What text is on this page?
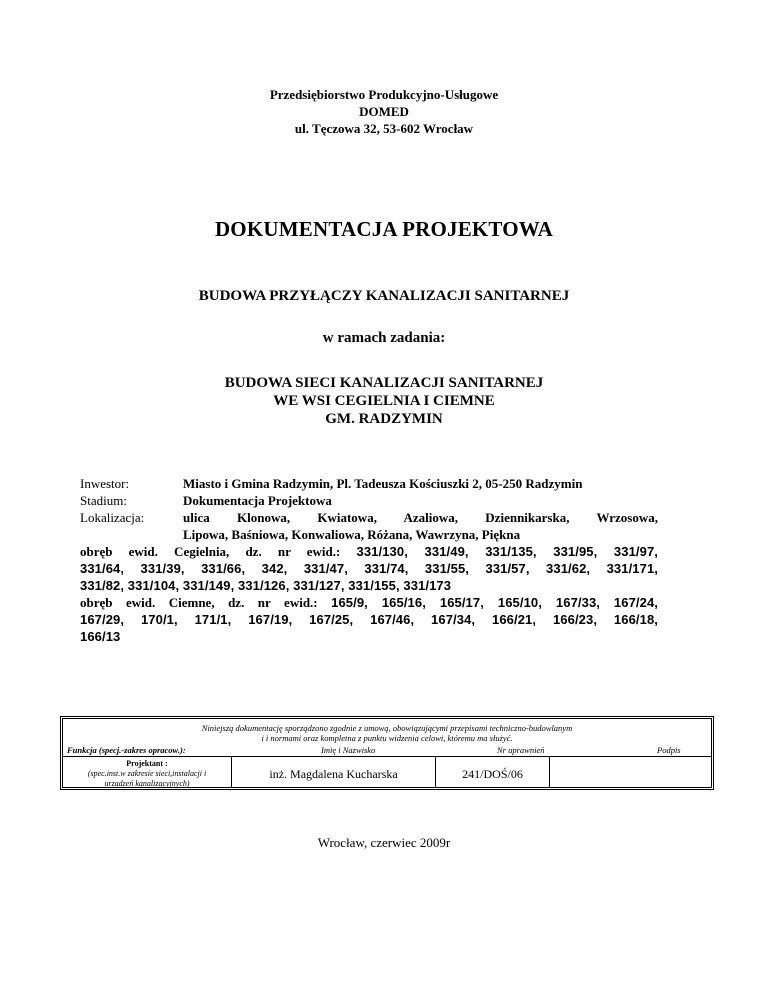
Przedsiębiorstwo Produkcyjno-Usługowe
DOMED
ul. Tęczowa 32, 53-602 Wrocław
DOKUMENTACJA PROJEKTOWA
BUDOWA PRZYŁĄCZY KANALIZACJI SANITARNEJ
w ramach zadania:
BUDOWA SIECI KANALIZACJI SANITARNEJ
WE WSI CEGIELNIA I CIEMNE
GM. RADZYMIN
Inwestor:	Miasto i Gmina Radzymin, Pl. Tadeusza Kościuszki 2, 05-250 Radzymin
Stadium:	Dokumentacja Projektowa
Lokalizacja:	ulica Klonowa, Kwiatowa, Azaliowa, Dziennikarska, Wrzosowa,
Lipowa, Baśniowa, Konwaliowa, Różana, Wawrzyna, Piękna
obręb ewid. Cegielnia, dz. nr ewid.: 331/130, 331/49, 331/135, 331/95, 331/97,
331/64, 331/39, 331/66, 342, 331/47, 331/74, 331/55, 331/57, 331/62, 331/171,
331/82, 331/104, 331/149, 331/126, 331/127, 331/155, 331/173
obręb ewid. Ciemne, dz. nr ewid.: 165/9, 165/16, 165/17, 165/10, 167/33, 167/24,
167/29, 170/1, 171/1, 167/19, 167/25, 167/46, 167/34, 166/21, 166/23, 166/18,
166/13
Niniejszą dokumentację sporządzono zgodnie z umową, obowiązującymi przepisami techniczno-budowlanym
i i normami oraz kompletna z punktu widzenia celowi, któremu ma służyć.
Funkcja (specj.-zakres opracow.):	Imię i Nazwisko	Nr uprawnień	Podpis
Projektant :
(spec.inst.w zakresie sieci,instalacji i
urzadzeń kanalizacyjnych)
inż. Magdalena Kucharska	241/DOŚ/06
Wrocław, czerwiec 2009r
